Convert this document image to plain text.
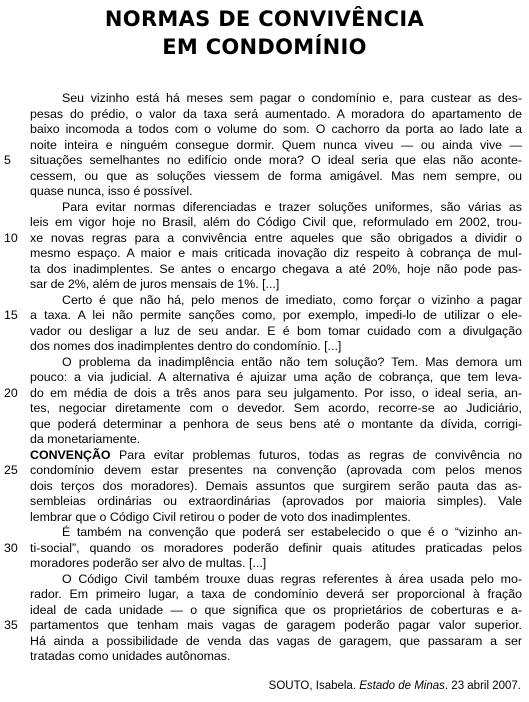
NORMAS DE CONVIVÊNCIA
EM CONDOMÍNIO
Seu vizinho está há meses sem pagar o condomínio e, para custear as des-
pesas do prédio, o valor da taxa será aumentado. A moradora do apartamento de
baixo incomoda a todos com o volume do som. O cachorro da porta ao lado late a
noite inteira e ninguém consegue dormir. Quem nunca viveu — ou ainda vive —
5	situações semelhantes no edifício onde mora? O ideal seria que elas não aconte-
cessem, ou que as soluções viessem de forma amigável. Mas nem sempre, ou
quase nunca, isso é possível.
Para evitar normas diferenciadas e trazer soluções uniformes, são várias as
leis em vigor hoje no Brasil, além do Código Civil que, reformulado em 2002, trou-
10 xe novas regras para a convivência entre aqueles que são obrigados a dividir o
mesmo espaço. A maior e mais criticada inovação diz respeito à cobrança de mul-
ta dos inadimplentes. Se antes o encargo chegava a até 20%, hoje não pode pas-
sar de 2%, além de juros mensais de 1%. [...]
Certo é que não há, pelo menos de imediato, como forçar o vizinho a pagar
15 a taxa. A lei não permite sanções como, por exemplo, impedi-lo de utilizar o ele-
vador ou desligar a luz de seu andar. E é bom tomar cuidado com a divulgação
dos nomes dos inadimplentes dentro do condomínio. [...]
O problema da inadimplência então não tem solução? Tem. Mas demora um
pouco: a via judicial. A alternativa é ajuizar uma ação de cobrança, que tem leva-
20 do em média de dois a três anos para seu julgamento. Por isso, o ideal seria, an-
tes, negociar diretamente com o devedor. Sem acordo, recorre-se ao Judiciário,
que poderá determinar a penhora de seus bens até o montante da dívida, corrigi-
da monetariamente.
CONVENÇÃO Para evitar problemas futuros, todas as regras de convivência no
25 condomínio devem estar presentes na convenção (aprovada com pelos menos
dois terços dos moradores). Demais assuntos que surgirem serão pauta das as-
sembleias ordinárias ou extraordinárias (aprovados por maioria simples). Vale
lembrar que o Código Civil retirou o poder de voto dos inadimplentes.
É também na convenção que poderá ser estabelecido o que é o “vizinho an-
30 ti-social”, quando os moradores poderão definir quais atitudes praticadas pelos
moradores poderão ser alvo de multas. [...]
O Código Civil também trouxe duas regras referentes à área usada pelo mo-
rador. Em primeiro lugar, a taxa de condomínio deverá ser proporcional à fração
ideal de cada unidade — o que significa que os proprietários de coberturas e a-
35 partamentos que tenham mais vagas de garagem poderão pagar valor superior.
Há ainda a possibilidade de venda das vagas de garagem, que passaram a ser
tratadas como unidades autônomas.
SOUTO, Isabela. Estado de Minas. 23 abril 2007.
